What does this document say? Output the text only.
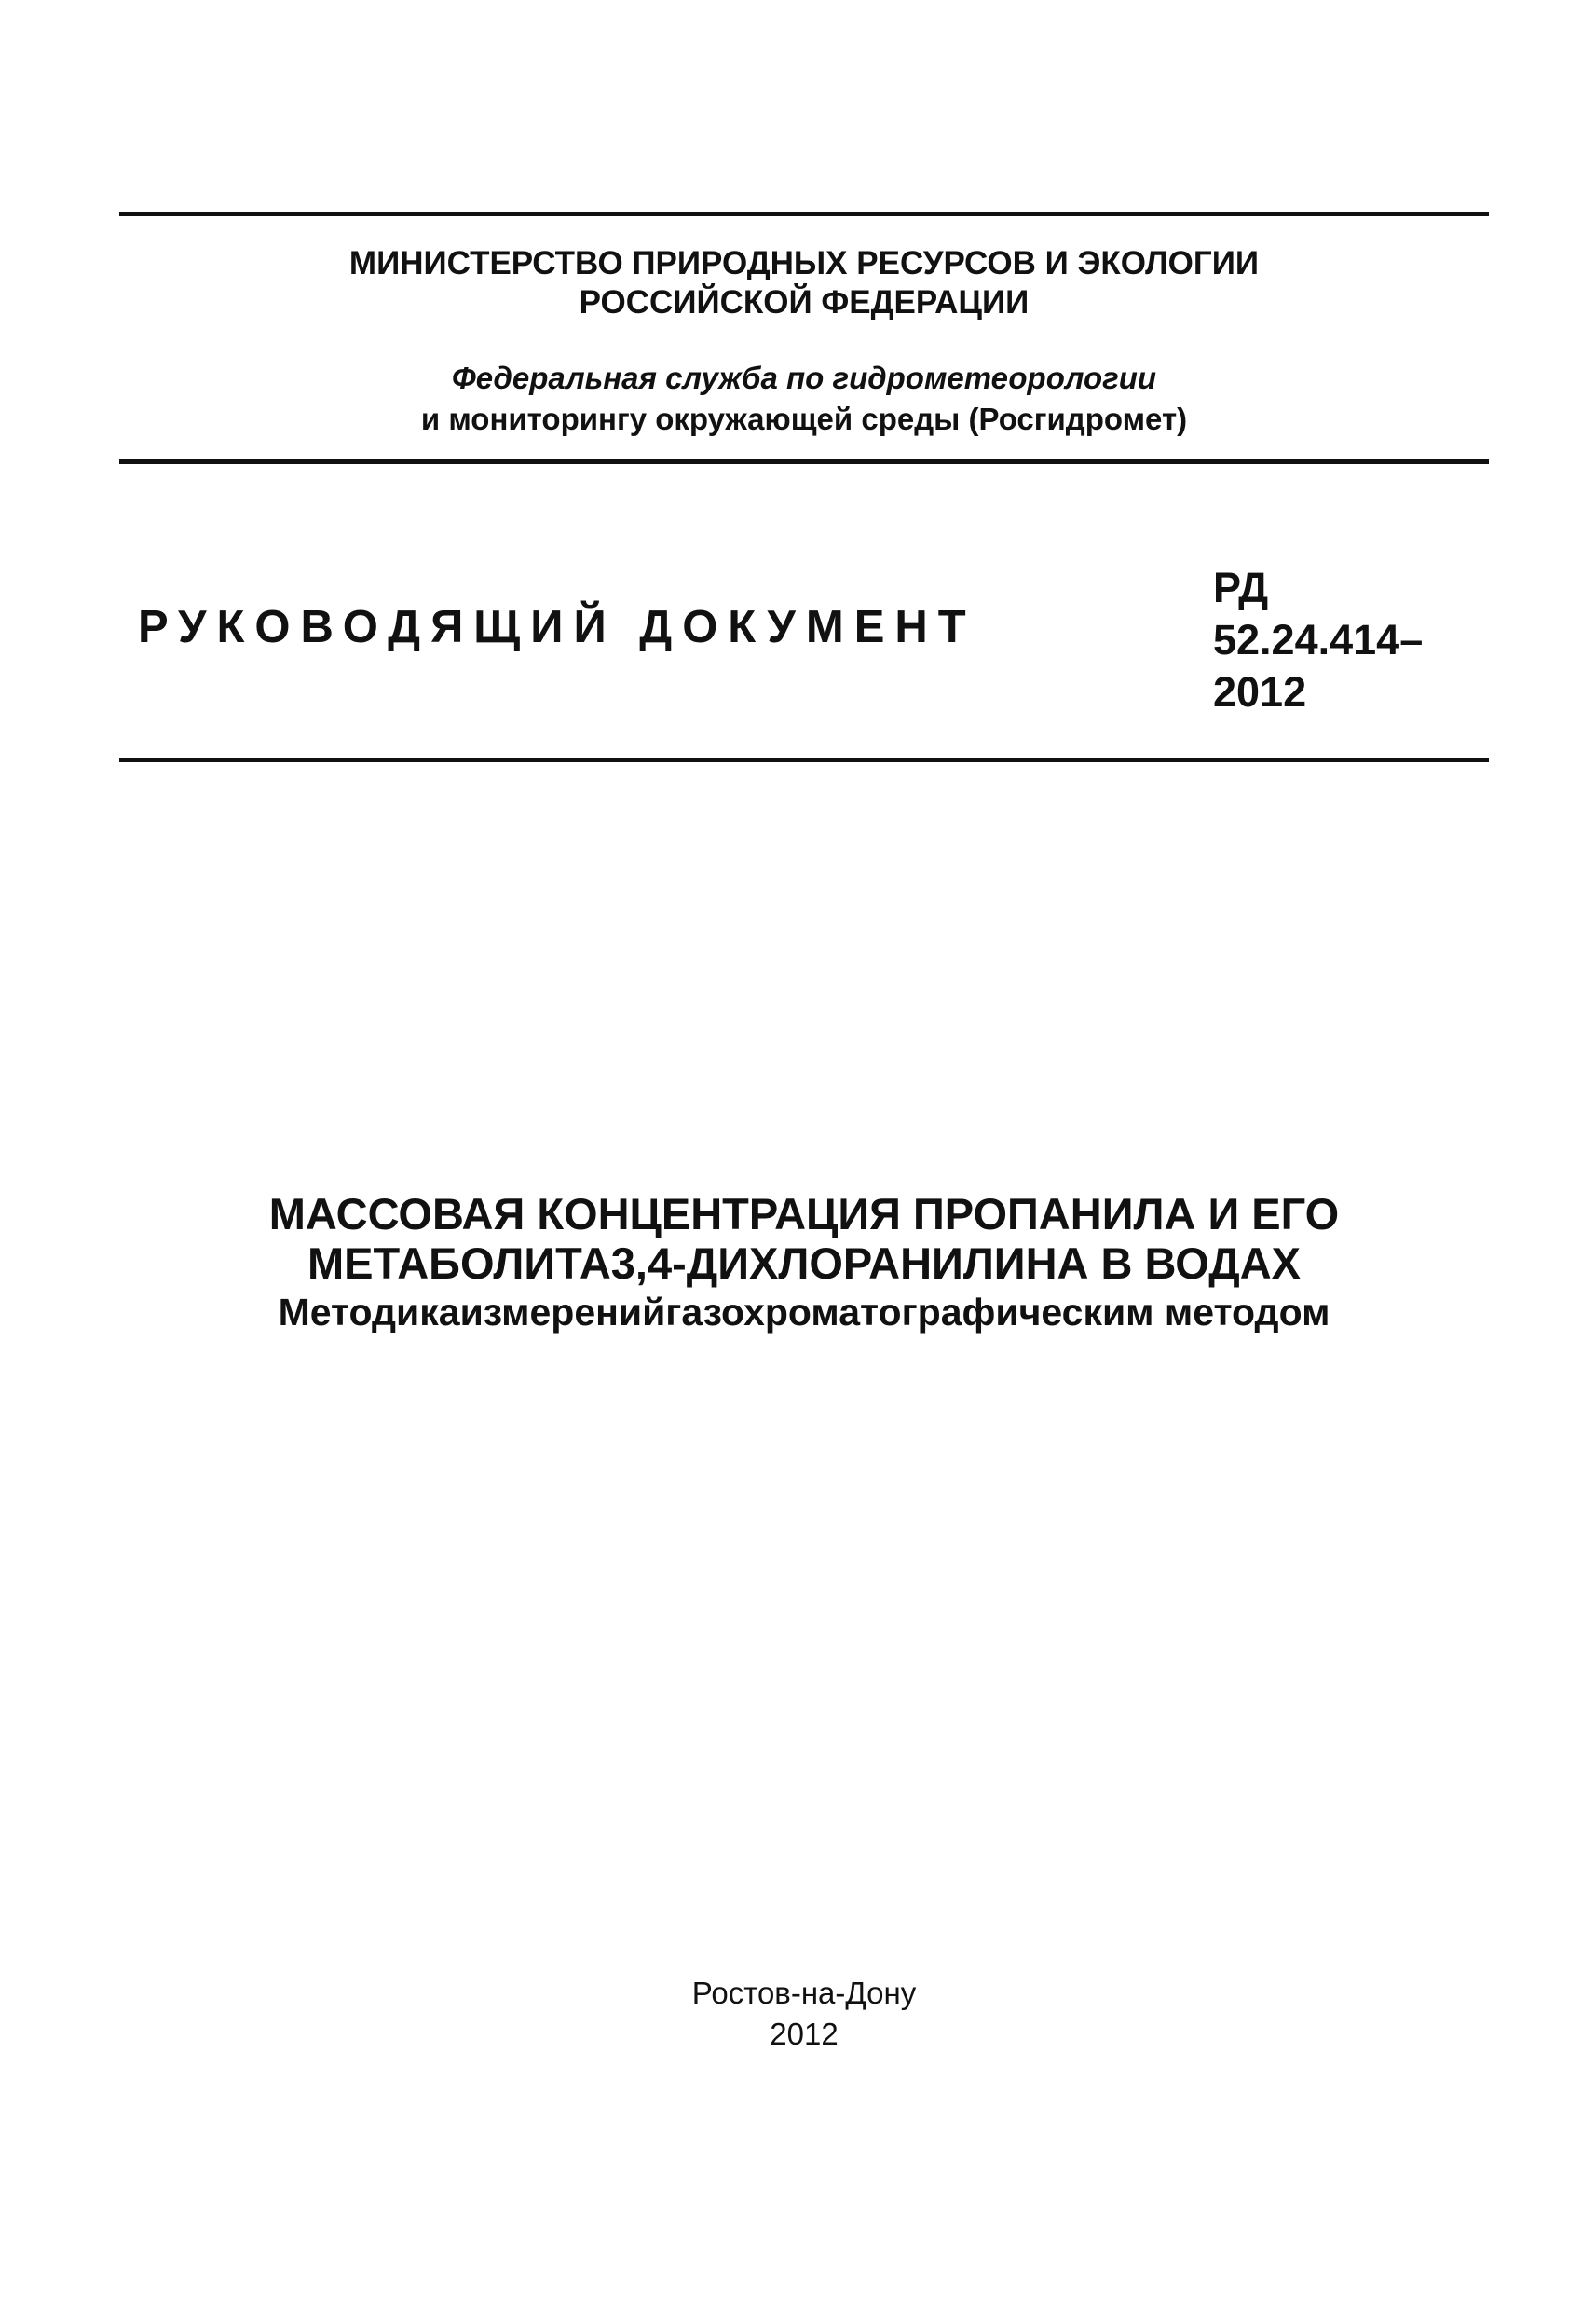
МИНИСТЕРСТВО ПРИРОДНЫХ РЕСУРСОВ И ЭКОЛОГИИ
РОССИЙСКОЙ ФЕДЕРАЦИИ
Федеральная служба по гидрометеорологии
и мониторингу окружающей среды (Росгидромет)
РУКОВОДЯЩИЙ ДОКУМЕНТ
РД
52.24.414–
2012
МАССОВАЯ КОНЦЕНТРАЦИЯ ПРОПАНИЛА И ЕГО
МЕТАБОЛИТА3,4-ДИХЛОРАНИЛИНА В ВОДАХ
Методикаизмеренийгазохроматографическим методом
Ростов-на-Дону
2012
